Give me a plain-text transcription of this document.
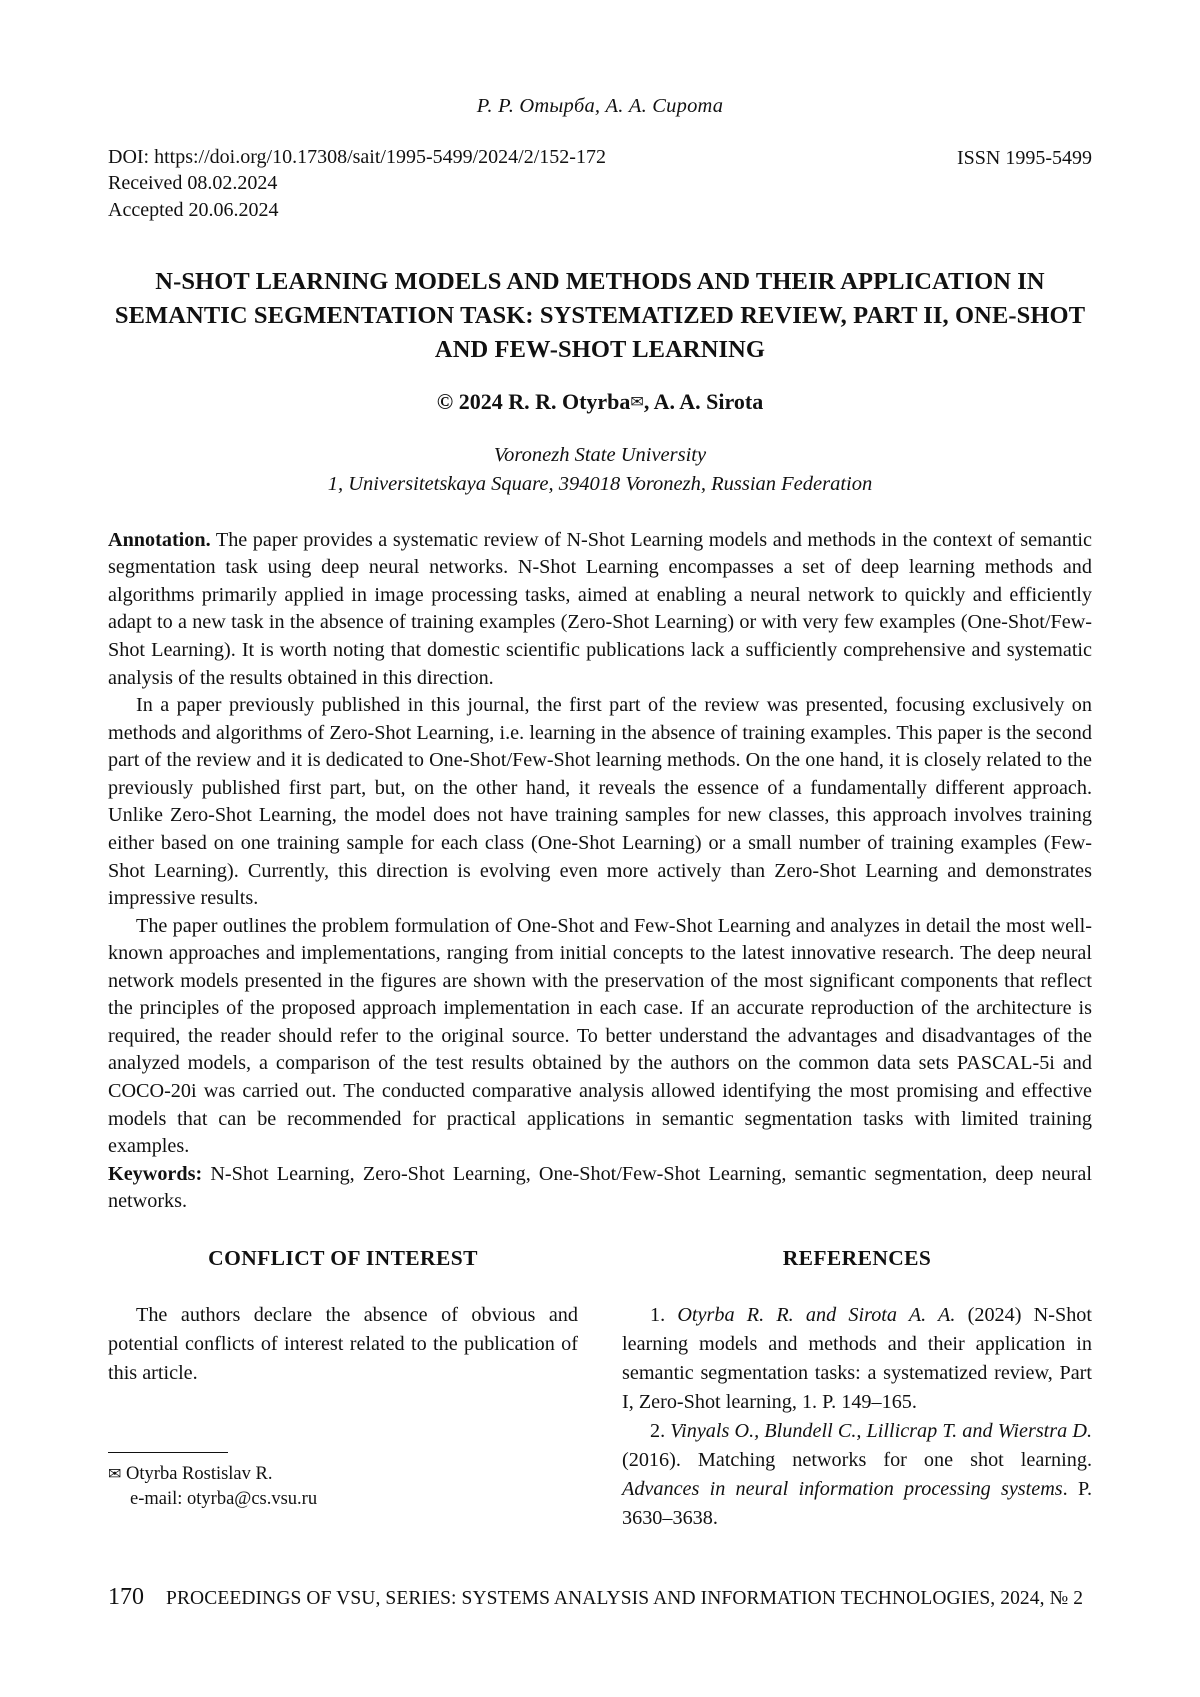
Р. Р. Отырба, А. А. Сирота
DOI: https://doi.org/10.17308/sait/1995-5499/2024/2/152-172
Received 08.02.2024
Accepted 20.06.2024
ISSN 1995-5499
N-SHOT LEARNING MODELS AND METHODS AND THEIR APPLICATION IN SEMANTIC SEGMENTATION TASK: SYSTEMATIZED REVIEW, PART II, ONE-SHOT AND FEW-SHOT LEARNING
© 2024 R. R. Otyrba✉, A. A. Sirota
Voronezh State University
1, Universitetskaya Square, 394018 Voronezh, Russian Federation

Annotation. The paper provides a systematic review of N-Shot Learning models and methods in the context of semantic segmentation task using deep neural networks. N-Shot Learning encompasses a set of deep learning methods and algorithms primarily applied in image processing tasks, aimed at enabling a neural network to quickly and efficiently adapt to a new task in the absence of training examples (Zero-Shot Learning) or with very few examples (One-Shot/Few-Shot Learning). It is worth noting that domestic scientific publications lack a sufficiently comprehensive and systematic analysis of the results obtained in this direction.

In a paper previously published in this journal, the first part of the review was presented, focusing exclusively on methods and algorithms of Zero-Shot Learning, i.e. learning in the absence of training examples. This paper is the second part of the review and it is dedicated to One-Shot/Few-Shot learning methods. On the one hand, it is closely related to the previously published first part, but, on the other hand, it reveals the essence of a fundamentally different approach. Unlike Zero-Shot Learning, the model does not have training samples for new classes, this approach involves training either based on one training sample for each class (One-Shot Learning) or a small number of training examples (Few-Shot Learning). Currently, this direction is evolving even more actively than Zero-Shot Learning and demonstrates impressive results.

The paper outlines the problem formulation of One-Shot and Few-Shot Learning and analyzes in detail the most well-known approaches and implementations, ranging from initial concepts to the latest innovative research. The deep neural network models presented in the figures are shown with the preservation of the most significant components that reflect the principles of the proposed approach implementation in each case. If an accurate reproduction of the architecture is required, the reader should refer to the original source. To better understand the advantages and disadvantages of the analyzed models, a comparison of the test results obtained by the authors on the common data sets PASCAL-5i and COCO-20i was carried out. The conducted comparative analysis allowed identifying the most promising and effective models that can be recommended for practical applications in semantic segmentation tasks with limited training examples.

Keywords: N-Shot Learning, Zero-Shot Learning, One-Shot/Few-Shot Learning, semantic segmentation, deep neural networks.
CONFLICT OF INTEREST

The authors declare the absence of obvious and potential conflicts of interest related to the publication of this article.

REFERENCES

1. Otyrba R. R. and Sirota A. A. (2024) N-Shot learning models and methods and their application in semantic segmentation tasks: a systematized review, Part I, Zero-Shot learning, 1. P. 149–165.

2. Vinyals O., Blundell C., Lillicrap T. and Wierstra D. (2016). Matching networks for one shot learning. Advances in neural information processing systems. P. 3630–3638.

✉ Otyrba Rostislav R.
e-mail: otyrba@cs.vsu.ru
170 PROCEEDINGS OF VSU, SERIES: SYSTEMS ANALYSIS AND INFORMATION TECHNOLOGIES, 2024, № 2
